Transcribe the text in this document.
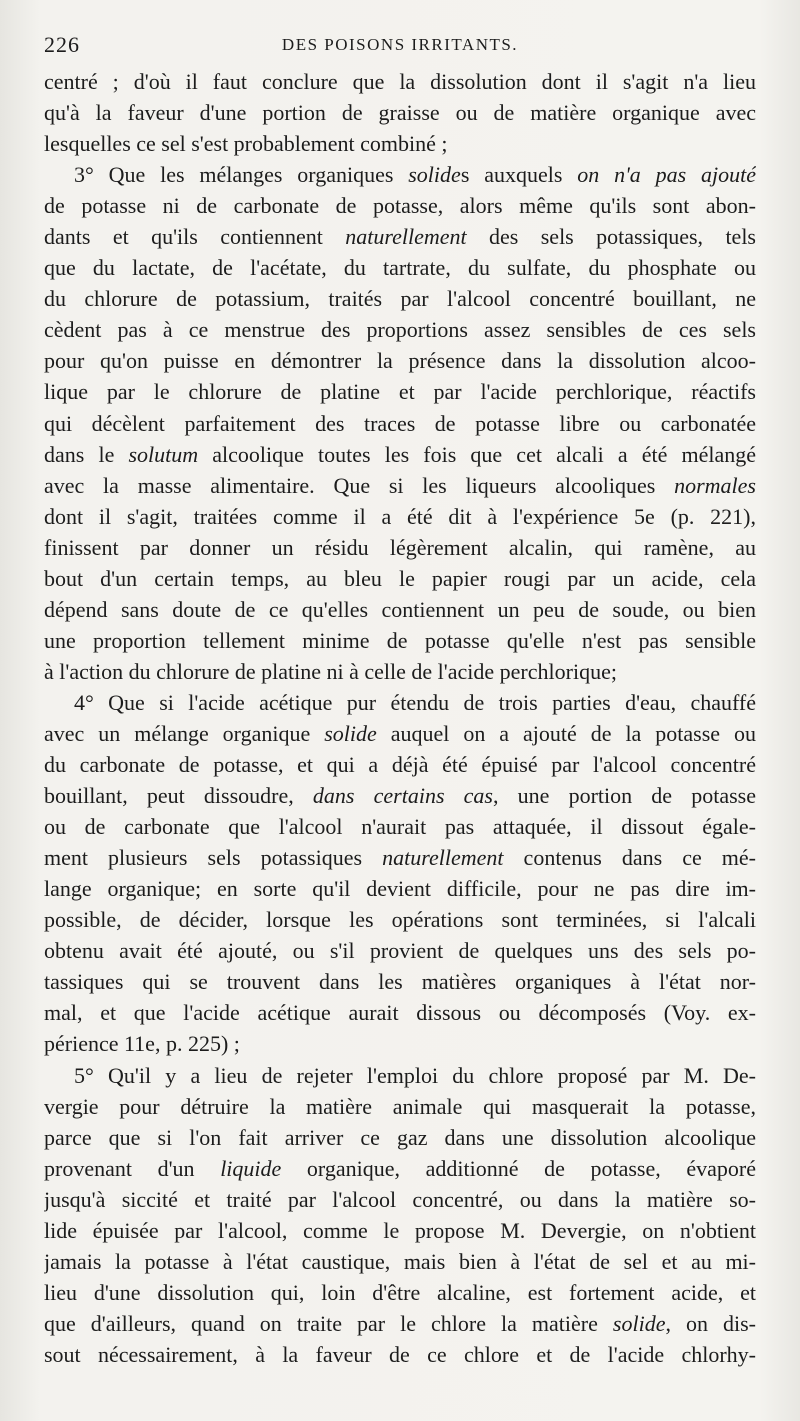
226	DES POISONS IRRITANTS.
centré ; d'où il faut conclure que la dissolution dont il s'agit n'a lieu
qu'à la faveur d'une portion de graisse ou de matière organique avec
lesquelles ce sel s'est probablement combiné ;
3° Que les mélanges organiques solides auxquels on n'a pas ajouté
de potasse ni de carbonate de potasse, alors même qu'ils sont abon-
dants et qu'ils contiennent naturellement des sels potassiques, tels
que du lactate, de l'acétate, du tartrate, du sulfate, du phosphate ou
du chlorure de potassium, traités par l'alcool concentré bouillant, ne
cèdent pas à ce menstrue des proportions assez sensibles de ces sels
pour qu'on puisse en démontrer la présence dans la dissolution alcoo-
lique par le chlorure de platine et par l'acide perchlorique, réactifs
qui décèlent parfaitement des traces de potasse libre ou carbonatée
dans le solutum alcoolique toutes les fois que cet alcali a été mélangé
avec la masse alimentaire. Que si les liqueurs alcooliques normales
dont il s'agit, traitées comme il a été dit à l'expérience 5e (p. 221),
finissent par donner un résidu légèrement alcalin, qui ramène, au
bout d'un certain temps, au bleu le papier rougi par un acide, cela
dépend sans doute de ce qu'elles contiennent un peu de soude, ou bien
une proportion tellement minime de potasse qu'elle n'est pas sensible
à l'action du chlorure de platine ni à celle de l'acide perchlorique;
4° Que si l'acide acétique pur étendu de trois parties d'eau, chauffé
avec un mélange organique solide auquel on a ajouté de la potasse ou
du carbonate de potasse, et qui a déjà été épuisé par l'alcool concentré
bouillant, peut dissoudre, dans certains cas, une portion de potasse
ou de carbonate que l'alcool n'aurait pas attaquée, il dissout égale-
ment plusieurs sels potassiques naturellement contenus dans ce mé-
lange organique; en sorte qu'il devient difficile, pour ne pas dire im-
possible, de décider, lorsque les opérations sont terminées, si l'alcali
obtenu avait été ajouté, ou s'il provient de quelques uns des sels po-
tassiques qui se trouvent dans les matières organiques à l'état nor-
mal, et que l'acide acétique aurait dissous ou décomposés (Voy. ex-
périence 11e, p. 225) ;
5° Qu'il y a lieu de rejeter l'emploi du chlore proposé par M. De-
vergie pour détruire la matière animale qui masquerait la potasse,
parce que si l'on fait arriver ce gaz dans une dissolution alcoolique
provenant d'un liquide organique, additionné de potasse, évaporé
jusqu'à siccité et traité par l'alcool concentré, ou dans la matière so-
lide épuisée par l'alcool, comme le propose M. Devergie, on n'obtient
jamais la potasse à l'état caustique, mais bien à l'état de sel et au mi-
lieu d'une dissolution qui, loin d'être alcaline, est fortement acide, et
que d'ailleurs, quand on traite par le chlore la matière solide, on dis-
sout nécessairement, à la faveur de ce chlore et de l'acide chlorhy-
